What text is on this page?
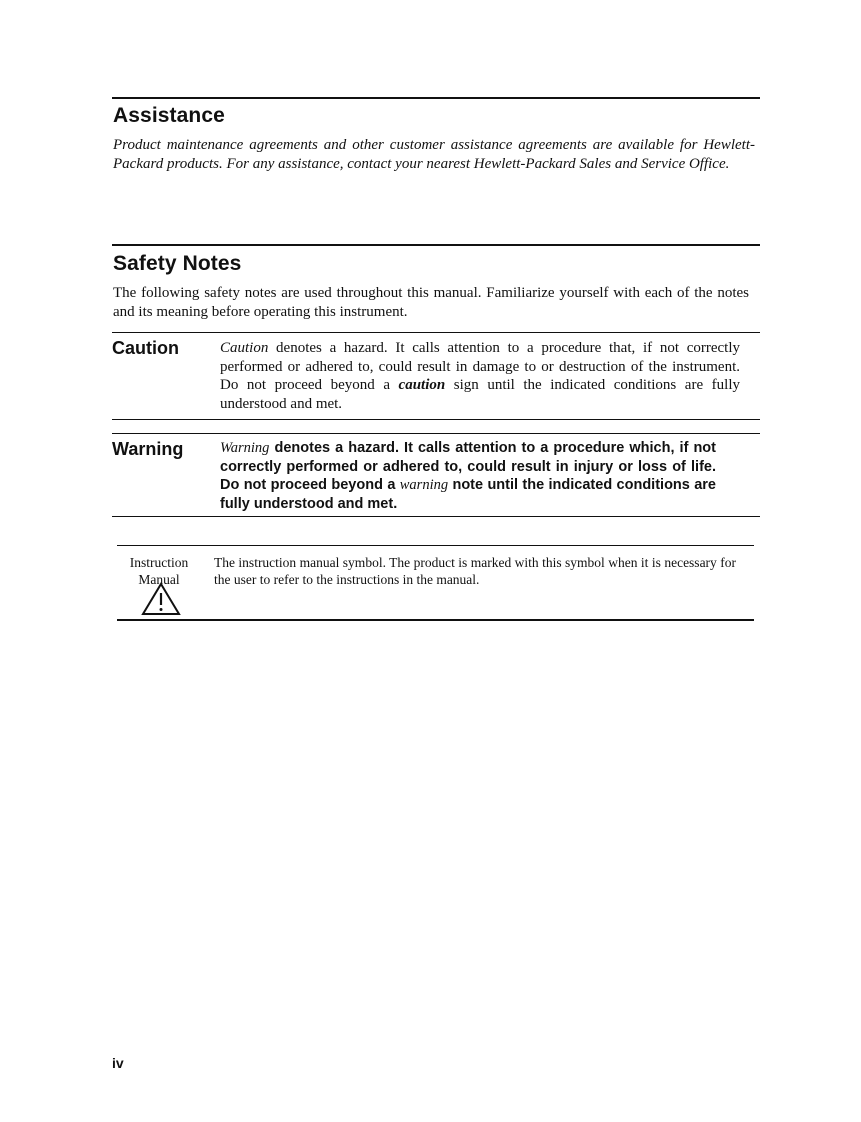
Assistance
Product maintenance agreements and other customer assistance agreements are available for Hewlett-Packard products. For any assistance, contact your nearest Hewlett-Packard Sales and Service Office.
Safety Notes
The following safety notes are used throughout this manual. Familiarize yourself with each of the notes and its meaning before operating this instrument.
Caution	Caution denotes a hazard. It calls attention to a procedure that, if not correctly performed or adhered to, could result in damage to or destruction of the instrument. Do not proceed beyond a caution sign until the indicated conditions are fully understood and met.
Warning	Warning denotes a hazard. It calls attention to a procedure which, if not correctly performed or adhered to, could result in injury or loss of life. Do not proceed beyond a warning note until the indicated conditions are fully understood and met.
Instruction
Manual
The instruction manual symbol. The product is marked with this symbol when it is necessary for the user to refer to the instructions in the manual.
iv
